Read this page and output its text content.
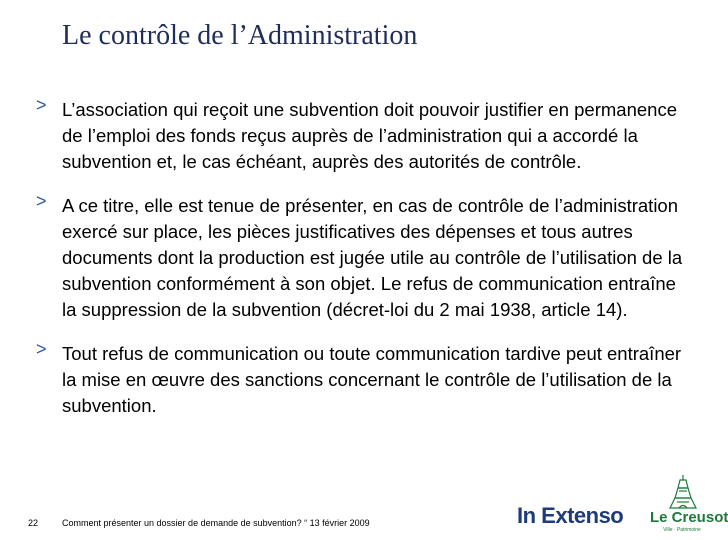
Le contrôle de l’Administration
> L’association qui reçoit une subvention doit pouvoir justifier en permanence de l’emploi des fonds reçus auprès de l’administration qui a accordé la subvention et, le cas échéant, auprès des autorités de contrôle.
> A ce titre, elle est tenue de présenter, en cas de contrôle de l’administration exercé sur place, les pièces justificatives des dépenses et tous autres documents dont la production est jugée utile au contrôle de l’utilisation de la subvention conformément à son objet. Le refus de communication entraîne la suppression de la subvention (décret-loi du 2 mai 1938, article 14).
> Tout refus de communication ou toute communication tardive peut entraîner la mise en œuvre des sanctions concernant le contrôle de l’utilisation de la subvention.
22	Comment présenter un dossier de demande de subvention? “ 13 février 2009	In Extenso Le Creusot
Ville · Patrimoine
